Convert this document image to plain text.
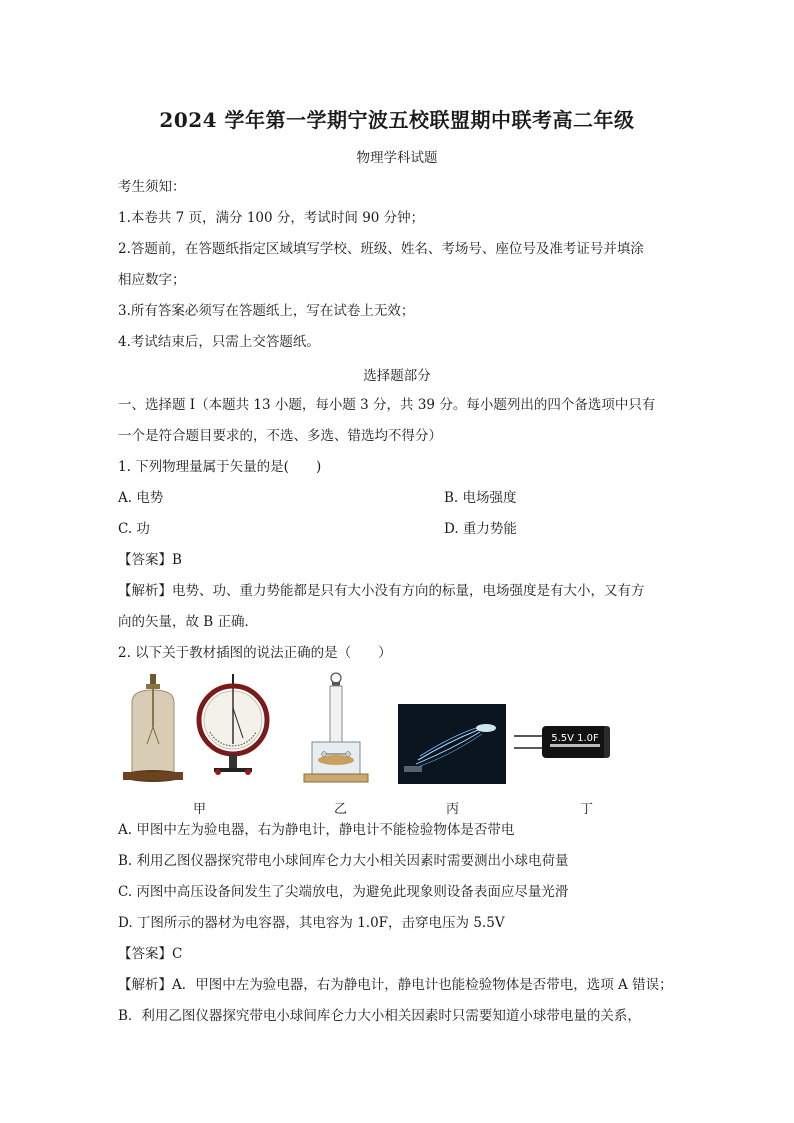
2024 学年第一学期宁波五校联盟期中联考高二年级
物理学科试题
考生须知：
1.本卷共 7 页，满分 100 分，考试时间 90 分钟；
2.答题前，在答题纸指定区域填写学校、班级、姓名、考场号、座位号及准考证号并填涂
相应数字；
3.所有答案必须写在答题纸上，写在试卷上无效；
4.考试结束后，只需上交答题纸。
选择题部分
一、选择题 I（本题共 13 小题，每小题 3 分，共 39 分。每小题列出的四个备选项中只有
一个是符合题目要求的，不选、多选、错选均不得分）
1. 下列物理量属于矢量的是(　　)
A. 电势	B. 电场强度
C. 功	D. 重力势能
【答案】B
【解析】电势、功、重力势能都是只有大小没有方向的标量，电场强度是有大小，又有方
向的矢量，故 B 正确．
2. 以下关于教材插图的说法正确的是（　　）
5.5V 1.0F
甲	乙	丙	丁
A. 甲图中左为验电器，右为静电计，静电计不能检验物体是否带电
B. 利用乙图仪器探究带电小球间库仑力大小相关因素时需要测出小球电荷量
C. 丙图中高压设备间发生了尖端放电，为避免此现象则设备表面应尽量光滑
D. 丁图所示的器材为电容器，其电容为 1.0F，击穿电压为 5.5V
【答案】C
【解析】A．甲图中左为验电器，右为静电计，静电计也能检验物体是否带电，选项 A 错误；
B．利用乙图仪器探究带电小球间库仑力大小相关因素时只需要知道小球带电量的关系，
